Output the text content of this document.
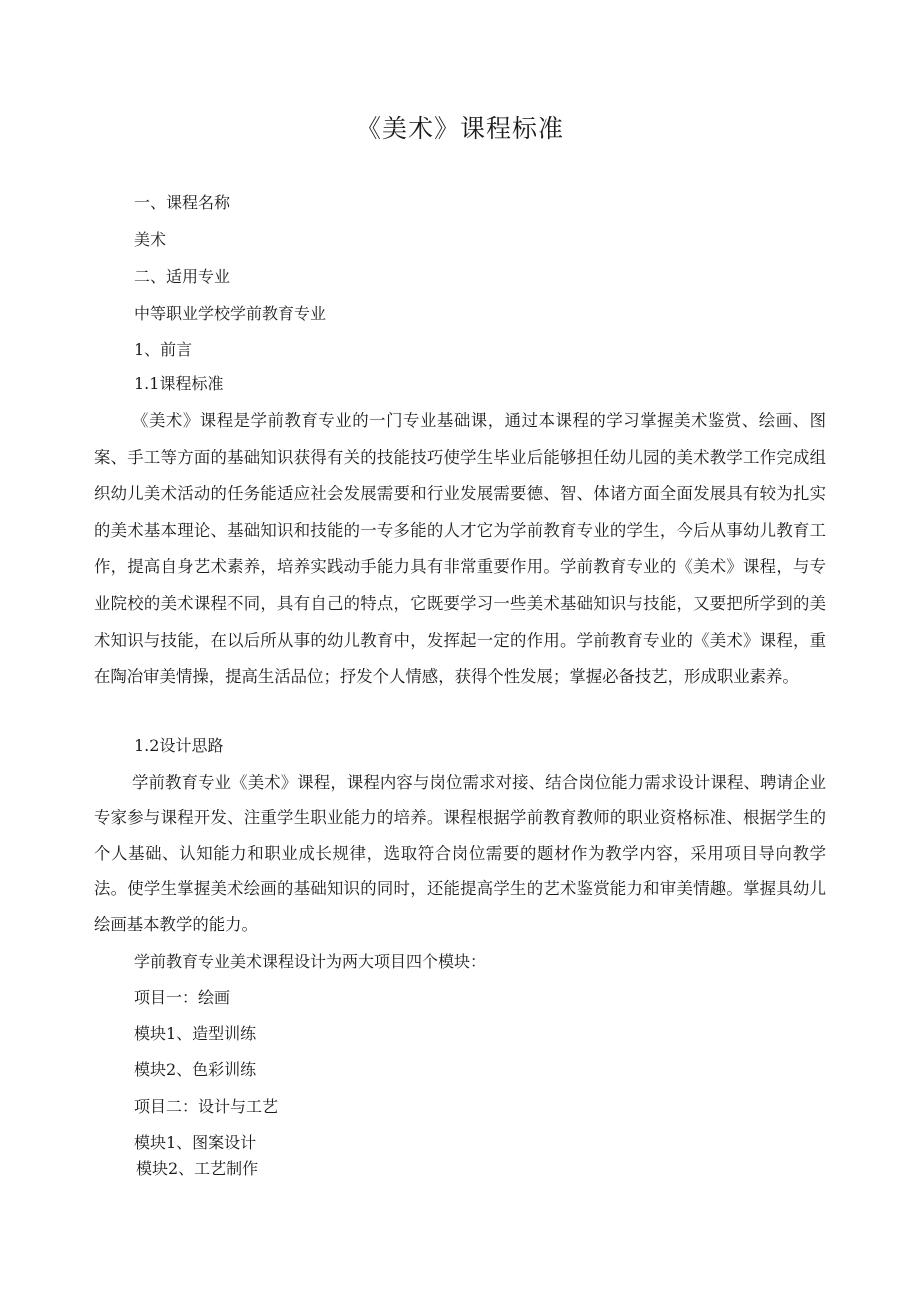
《美术》课程标准
一、课程名称
美术
二、适用专业
中等职业学校学前教育专业
1、前言
1.1课程标准

《美术》课程是学前教育专业的一门专业基础课，通过本课程的学习掌握美术鉴赏、绘画、图案、手工等方面的基础知识获得有关的技能技巧使学生毕业后能够担任幼儿园的美术教学工作完成组织幼儿美术活动的任务能适应社会发展需要和行业发展需要德、智、体诸方面全面发展具有较为扎实的美术基本理论、基础知识和技能的一专多能的人才它为学前教育专业的学生，今后从事幼儿教育工作，提高自身艺术素养，培养实践动手能力具有非常重要作用。学前教育专业的《美术》课程，与专业院校的美术课程不同，具有自己的特点，它既要学习一些美术基础知识与技能，又要把所学到的美术知识与技能，在以后所从事的幼儿教育中，发挥起一定的作用。学前教育专业的《美术》课程，重在陶冶审美情操，提高生活品位；抒发个人情感，获得个性发展；掌握必备技艺，形成职业素养。

1.2设计思路

学前教育专业《美术》课程，课程内容与岗位需求对接、结合岗位能力需求设计课程、聘请企业专家参与课程开发、注重学生职业能力的培养。课程根据学前教育教师的职业资格标准、根据学生的个人基础、认知能力和职业成长规律，选取符合岗位需要的题材作为教学内容，采用项目导向教学法。使学生掌握美术绘画的基础知识的同时，还能提高学生的艺术鉴赏能力和审美情趣。掌握具幼儿绘画基本教学的能力。

学前教育专业美术课程设计为两大项目四个模块：
项目一：绘画
模块1、造型训练
模块2、色彩训练
项目二：设计与工艺
模块1、图案设计
模块2、工艺制作
